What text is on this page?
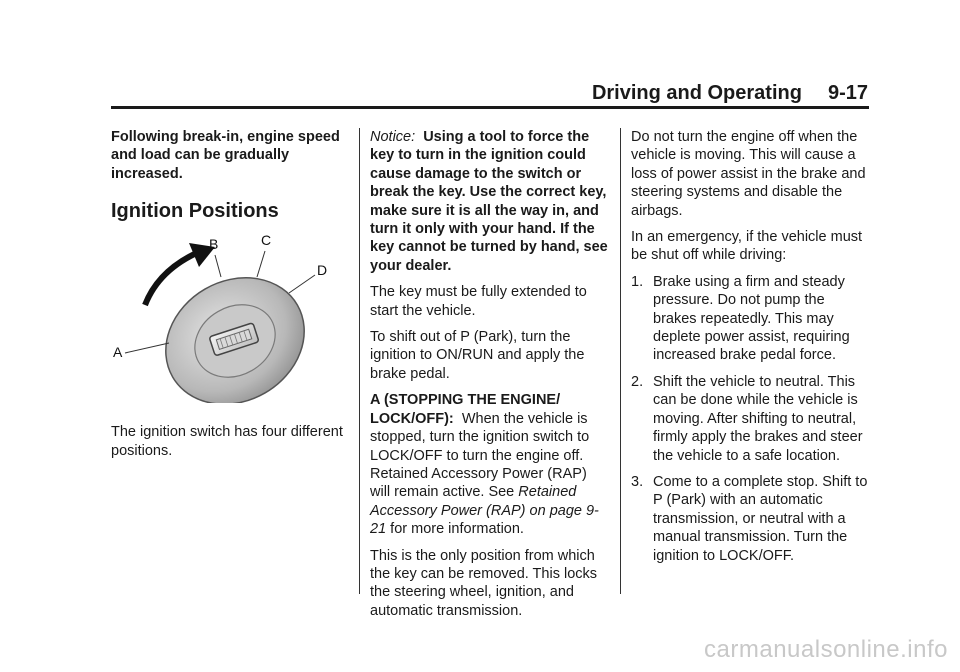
Driving and Operating 9-17

Following break-in, engine speed and load can be gradually increased.

Ignition Positions
A
B	C
D

The ignition switch has four different positions.

Notice: Using a tool to force the key to turn in the ignition could cause damage to the switch or break the key. Use the correct key, make sure it is all the way in, and turn it only with your hand. If the key cannot be turned by hand, see your dealer.

The key must be fully extended to start the vehicle.

To shift out of P (Park), turn the ignition to ON/RUN and apply the brake pedal.

A (STOPPING THE ENGINE/ LOCK/OFF): When the vehicle is stopped, turn the ignition switch to LOCK/OFF to turn the engine off. Retained Accessory Power (RAP) will remain active. See Retained Accessory Power (RAP) on page 9-21 for more information.

This is the only position from which the key can be removed. This locks the steering wheel, ignition, and automatic transmission.

Do not turn the engine off when the vehicle is moving. This will cause a loss of power assist in the brake and steering systems and disable the airbags.

In an emergency, if the vehicle must be shut off while driving:

1. Brake using a firm and steady pressure. Do not pump the brakes repeatedly. This may deplete power assist, requiring increased brake pedal force.
2. Shift the vehicle to neutral. This can be done while the vehicle is moving. After shifting to neutral, firmly apply the brakes and steer the vehicle to a safe location.
3. Come to a complete stop. Shift to P (Park) with an automatic transmission, or neutral with a manual transmission. Turn the ignition to LOCK/OFF.
carmanualsonline.info
